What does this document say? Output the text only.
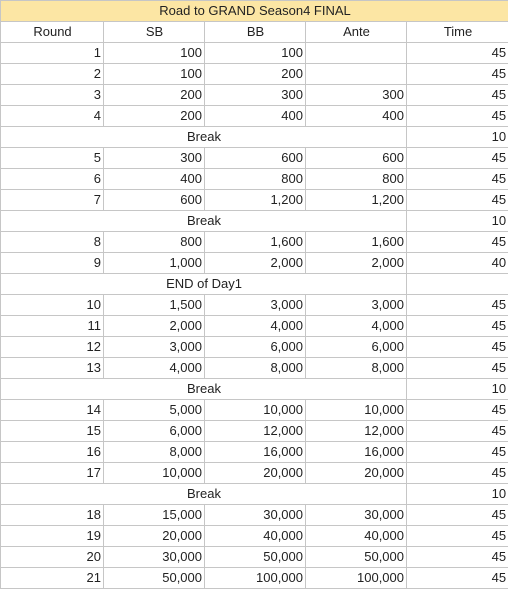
Road to GRAND Season4 FINAL				
Round	SB	BB	Ante	Time
1	100	100		45
2	100	200		45
3	200	300	300	45
4	200	400	400	45
Break				10
5	300	600	600	45
6	400	800	800	45
7	600	1,200	1,200	45
Break				10
8	800	1,600	1,600	45
9	1,000	2,000	2,000	40
END of Day1				
10	1,500	3,000	3,000	45
11	2,000	4,000	4,000	45
12	3,000	6,000	6,000	45
13	4,000	8,000	8,000	45
Break				10
14	5,000	10,000	10,000	45
15	6,000	12,000	12,000	45
16	8,000	16,000	16,000	45
17	10,000	20,000	20,000	45
Break				10
18	15,000	30,000	30,000	45
19	20,000	40,000	40,000	45
20	30,000	50,000	50,000	45
21	50,000	100,000	100,000	45
